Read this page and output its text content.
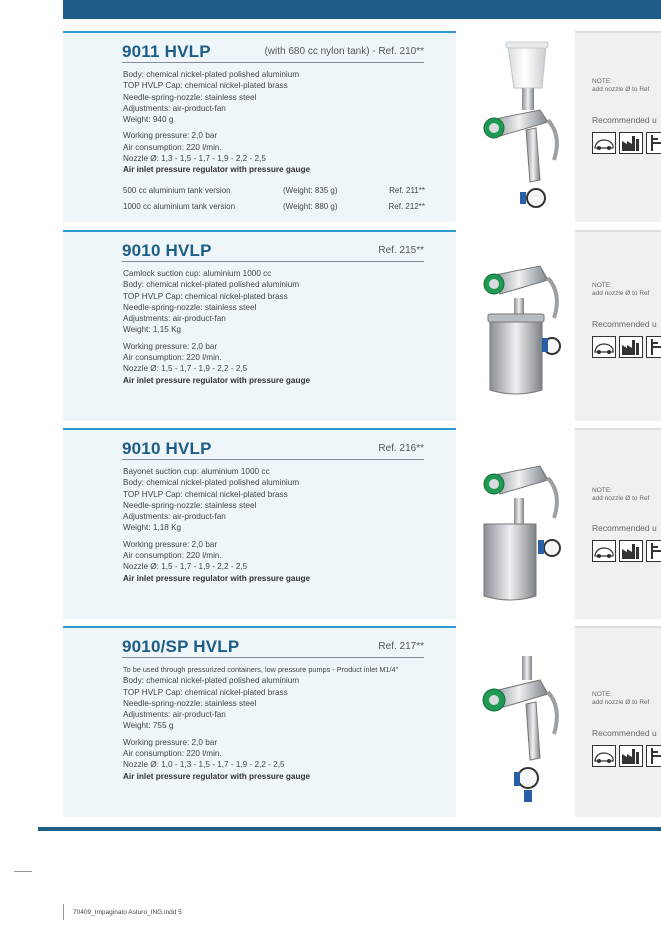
9011 HVLP	(with 680 cc nylon tank) - Ref. 210**
Body: chemical nickel-plated polished aluminium
TOP HVLP Cap: chemical nickel-plated brass
Needle-spring-nozzle: stainless steel
Adjustments: air-product-fan
Weight: 940 g
Working pressure: 2,0 bar
Air consumption: 220 l/min.
Nozzle Ø: 1,3 - 1,5 - 1,7 - 1,9 - 2,2 - 2,5
Air inlet pressure regulator with pressure gauge
500 cc aluminium tank version	(Weight: 835 g)	Ref. 211**
1000 cc aluminium tank version	(Weight: 880 g)	Ref. 212**
9010 HVLP	Ref. 215**
Camlock suction cup: aluminium 1000 cc
Body: chemical nickel-plated polished aluminium
TOP HVLP Cap: chemical nickel-plated brass
Needle-spring-nozzle: stainless steel
Adjustments: air-product-fan
Weight: 1,15 Kg
Working pressure: 2,0 bar
Air consumption: 220 l/min.
Nozzle Ø: 1,5 - 1,7 - 1,9 - 2,2 - 2,5
Air inlet pressure regulator with pressure gauge
9010 HVLP	Ref. 216**
Bayonet suction cup: aluminium 1000 cc
Body: chemical nickel-plated polished aluminium
TOP HVLP Cap: chemical nickel-plated brass
Needle-spring-nozzle: stainless steel
Adjustments: air-product-fan
Weight: 1,18 Kg
Working pressure: 2,0 bar
Air consumption: 220 l/min.
Nozzle Ø: 1,5 - 1,7 - 1,9 - 2,2 - 2,5
Air inlet pressure regulator with pressure gauge
9010/SP HVLP	Ref. 217**
To be used through pressurized containers, low pressure pumps - Product inlet M1/4"
Body: chemical nickel-plated polished aluminium
TOP HVLP Cap: chemical nickel-plated brass
Needle-spring-nozzle: stainless steel
Adjustments: air-product-fan
Weight: 755 g
Working pressure: 2,0 bar
Air consumption: 220 l/min.
Nozzle Ø: 1,0 - 1,3 - 1,5 - 1,7 - 1,9 - 2,2 - 2,5
Air inlet pressure regulator with pressure gauge
NOTE:
add nozzle Ø to Ref
Recommended u
NOTE:
add nozzle Ø to Ref
Recommended u
NOTE:
add nozzle Ø to Ref
Recommended u
NOTE:
add nozzle Ø to Ref
Recommended u
70409_Impaginato Asturo_ING.indd 5
